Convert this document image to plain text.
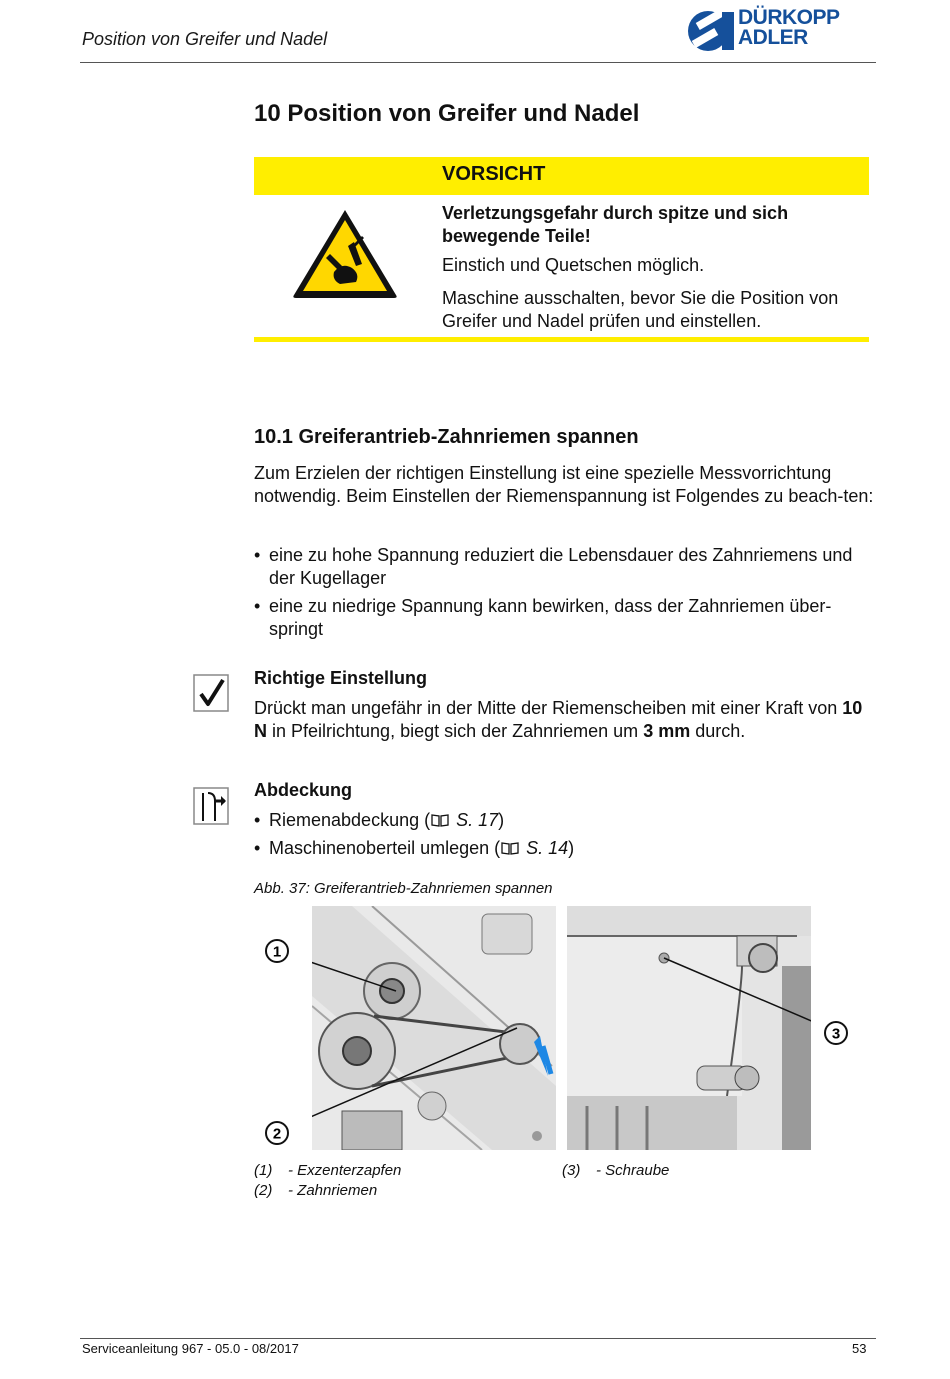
Position von Greifer und Nadel
DÜRKOPP
ADLER
10 Position von Greifer und Nadel
VORSICHT
Verletzungsgefahr durch spitze und sich bewegende Teile!
Einstich und Quetschen möglich.
Maschine ausschalten, bevor Sie die Position von Greifer und Nadel prüfen und einstellen.
10.1 Greiferantrieb-Zahnriemen spannen
Zum Erzielen der richtigen Einstellung ist eine spezielle Messvorrichtung notwendig. Beim Einstellen der Riemenspannung ist Folgendes zu beach-ten:
• eine zu hohe Spannung reduziert die Lebensdauer des Zahnriemens und der Kugellager
• eine zu niedrige Spannung kann bewirken, dass der Zahnriemen über-springt
Richtige Einstellung
Drückt man ungefähr in der Mitte der Riemenscheiben mit einer Kraft von 10 N in Pfeilrichtung, biegt sich der Zahnriemen um 3 mm durch.
Abdeckung
• Riemenabdeckung ( S. 17)
• Maschinenoberteil umlegen ( S. 14)
Abb. 37: Greiferantrieb-Zahnriemen spannen
1
2
3
(1) - Exzenterzapfen
(2) - Zahnriemen
(3) - Schraube
Serviceanleitung 967 - 05.0 - 08/2017	53
